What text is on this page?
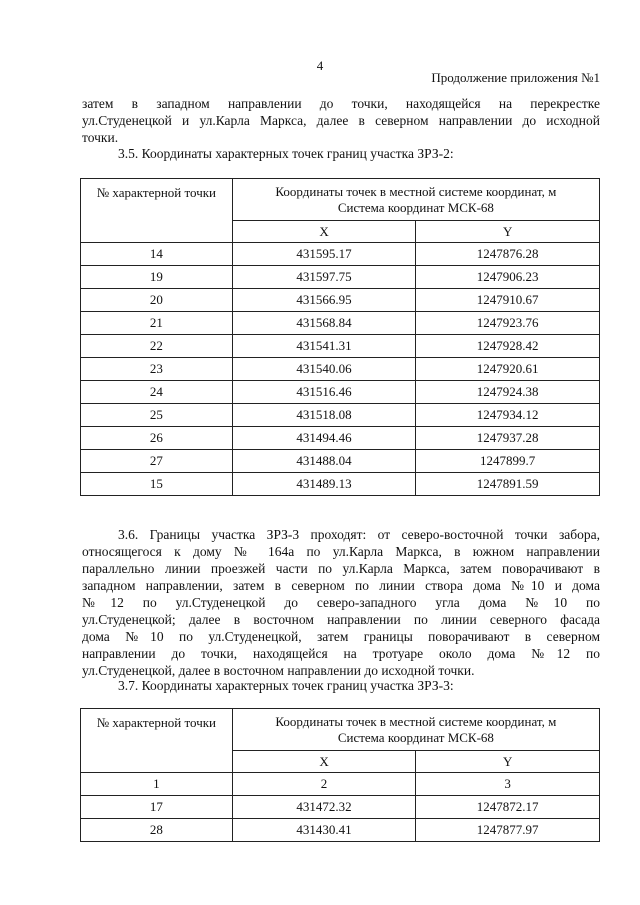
4
Продолжение приложения №1
затем в западном направлении до точки, находящейся на перекрестке
ул.Студенецкой и ул.Карла Маркса, далее в северном направлении до исходной
точки.
3.5. Координаты характерных точек границ участка ЗРЗ-2:
№ характерной точки	Координаты точек в местной системе координат, м
Система координат МСК-68	

	X	Y
14	431595.17	1247876.28
19	431597.75	1247906.23
20	431566.95	1247910.67
21	431568.84	1247923.76
22	431541.31	1247928.42
23	431540.06	1247920.61
24	431516.46	1247924.38
25	431518.08	1247934.12
26	431494.46	1247937.28
27	431488.04	1247899.7
15	431489.13	1247891.59
3.6. Границы участка ЗРЗ-3 проходят: от северо-восточной точки забора,
относящегося к дому № 164а по ул.Карла Маркса, в южном направлении
параллельно линии проезжей части по ул.Карла Маркса, затем поворачивают в
западном направлении, затем в северном по линии створа дома №10 и дома
№12 по ул.Студенецкой до северо-западного угла дома №10 по
ул.Студенецкой; далее в восточном направлении по линии северного фасада
дома №10 по ул.Студенецкой, затем границы поворачивают в северном
направлении до точки, находящейся на тротуаре около дома №12 по
ул.Студенецкой, далее в восточном направлении до исходной точки.
3.7. Координаты характерных точек границ участка ЗРЗ-3:
№ характерной точки	Координаты точек в местной системе координат, м
Система координат МСК-68	

	X	Y
1	2	3
17	431472.32	1247872.17
28	431430.41	1247877.97
